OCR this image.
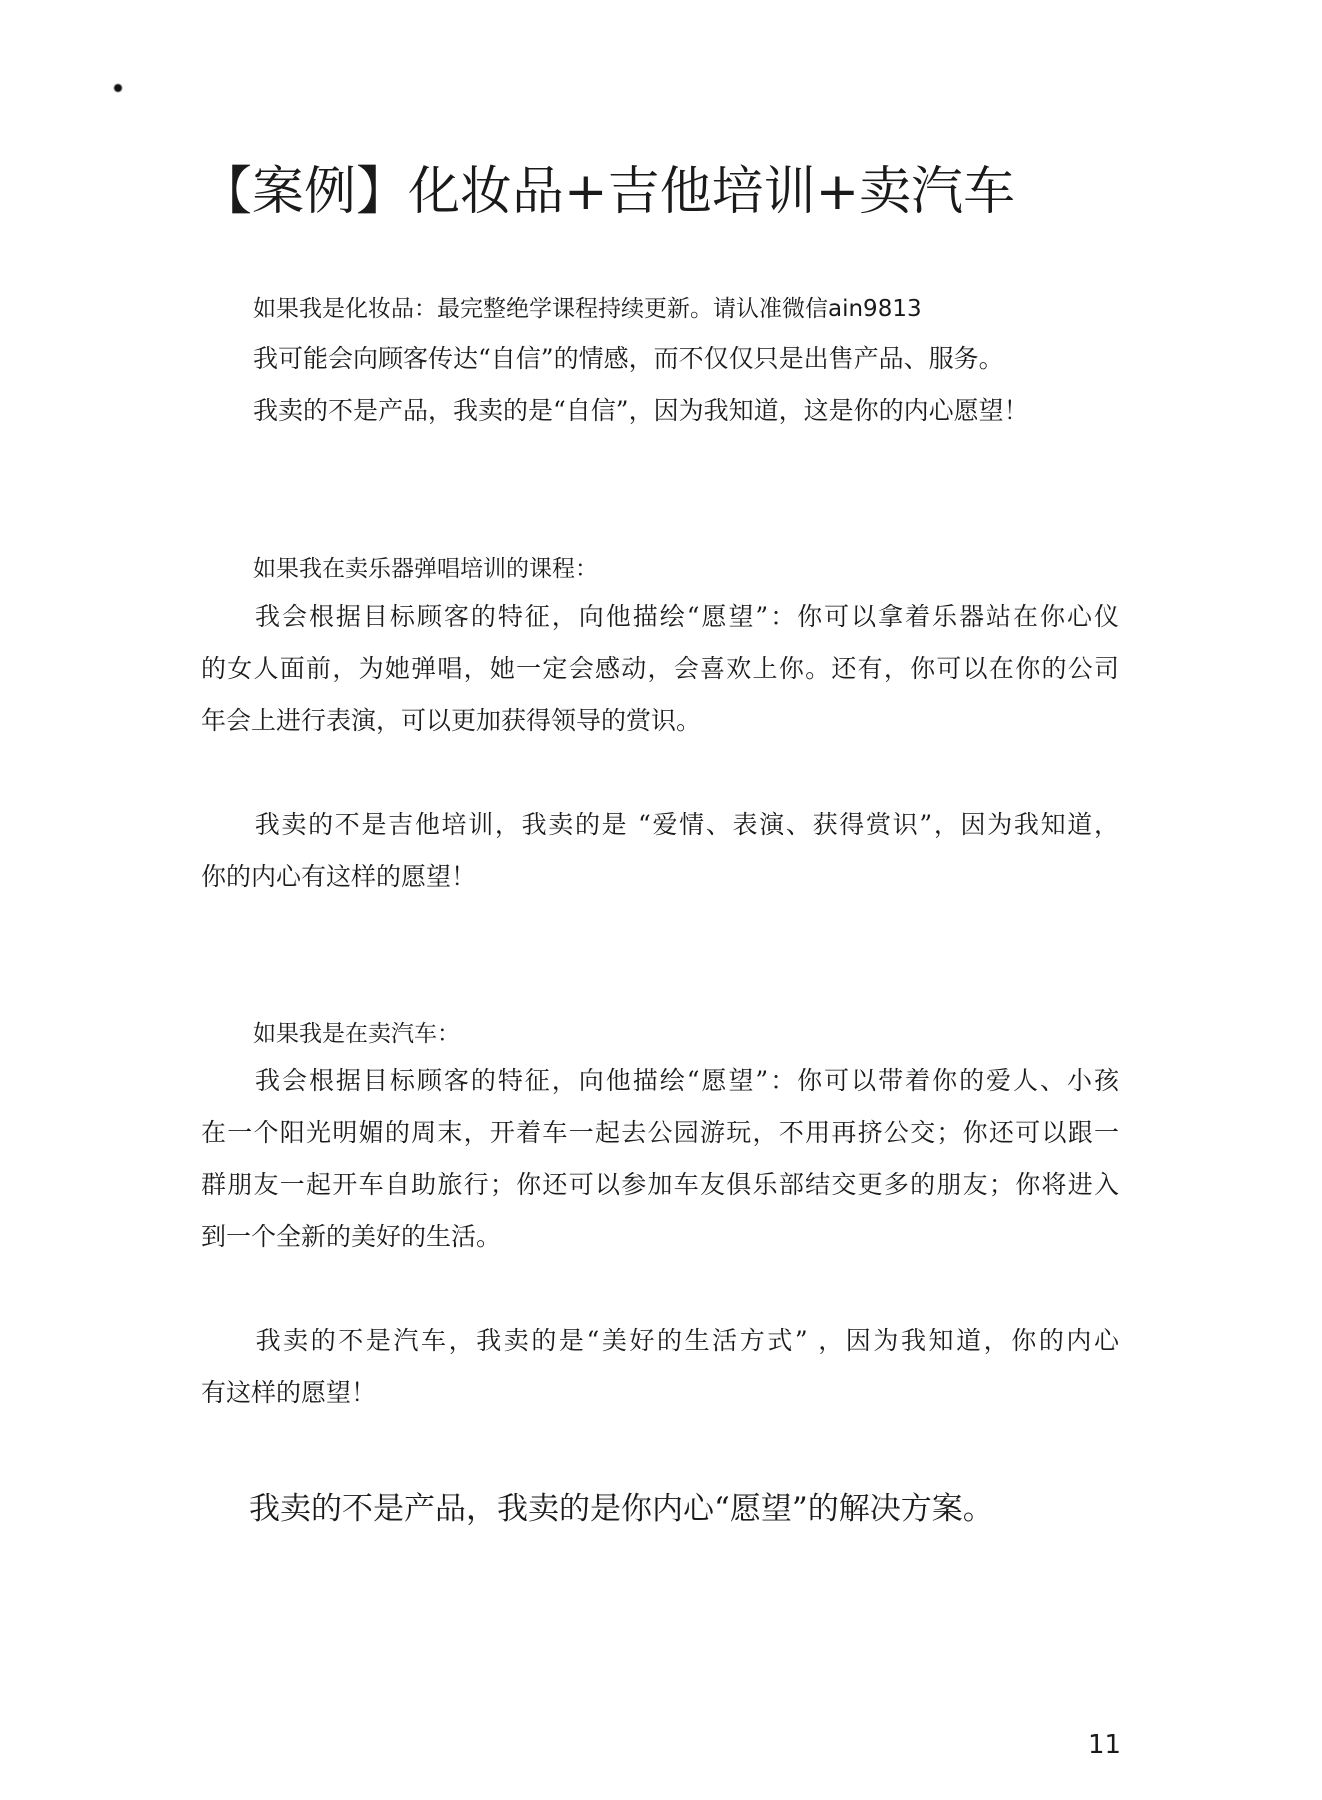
【案例】化妆品+吉他培训+卖汽车
如果我是化妆品：最完整绝学课程持续更新。请认准微信ain9813
我可能会向顾客传达“自信”的情感，而不仅仅只是出售产品、服务。
我卖的不是产品，我卖的是“自信”，因为我知道，这是你的内心愿望！
如果我在卖乐器弹唱培训的课程：
我会根据目标顾客的特征，向他描绘“愿望”：你可以拿着乐器站在你心仪
的女人面前，为她弹唱，她一定会感动，会喜欢上你。还有，你可以在你的公司
年会上进行表演，可以更加获得领导的赏识。
我卖的不是吉他培训，我卖的是 “爱情、表演、获得赏识”，因为我知道，
你的内心有这样的愿望！
如果我是在卖汽车：
我会根据目标顾客的特征，向他描绘“愿望”：你可以带着你的爱人、小孩
在一个阳光明媚的周末，开着车一起去公园游玩，不用再挤公交；你还可以跟一
群朋友一起开车自助旅行；你还可以参加车友俱乐部结交更多的朋友；你将进入
到一个全新的美好的生活。
我卖的不是汽车，我卖的是“美好的生活方式” ，因为我知道，你的内心
有这样的愿望！
我卖的不是产品，我卖的是你内心“愿望”的解决方案。
11
